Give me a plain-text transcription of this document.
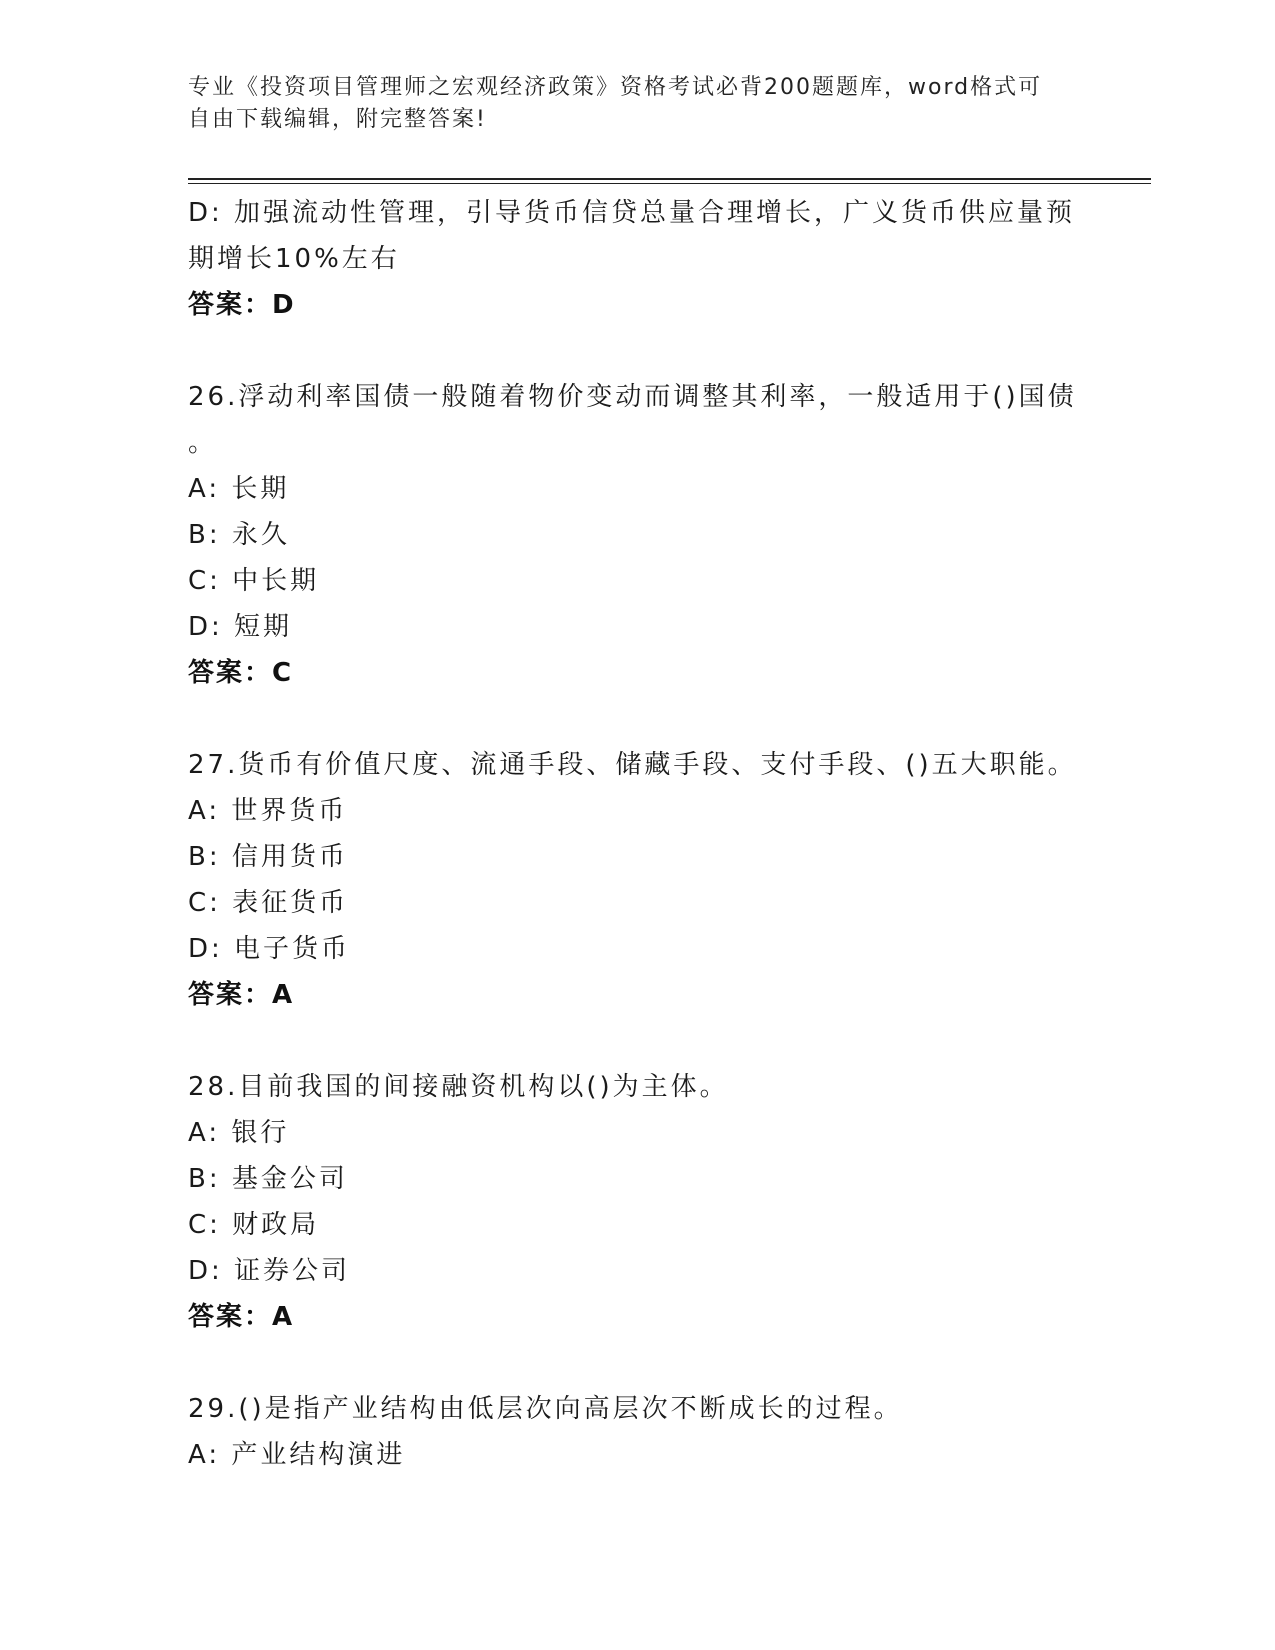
专业《投资项目管理师之宏观经济政策》资格考试必背200题题库，word格式可
自由下载编辑，附完整答案!
D: 加强流动性管理，引导货币信贷总量合理增长，广义货币供应量预
期增长10%左右
答案：D
26.浮动利率国债一般随着物价变动而调整其利率，一般适用于()国债
。
A: 长期
B: 永久
C: 中长期
D: 短期
答案：C
27.货币有价值尺度、流通手段、储藏手段、支付手段、()五大职能。
A: 世界货币
B: 信用货币
C: 表征货币
D: 电子货币
答案：A
28.目前我国的间接融资机构以()为主体。
A: 银行
B: 基金公司
C: 财政局
D: 证券公司
答案：A
29.()是指产业结构由低层次向高层次不断成长的过程。
A: 产业结构演进
